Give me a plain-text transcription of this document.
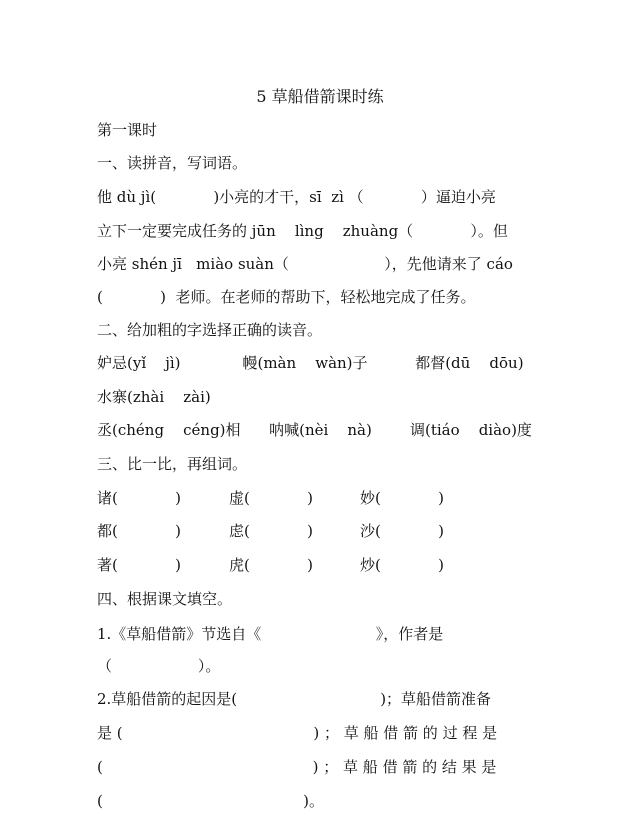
5 草船借箭课时练
第一课时
一、读拼音，写词语。
他 dù jì(            )小亮的才干，sī  zì （            ）逼迫小亮
立下一定要完成任务的 jūn    lìng    zhuàng（            ）。但
小亮 shén jī   miào suàn（                    ），先他请来了 cáo
(            )  老师。在老师的帮助下，轻松地完成了任务。
二、给加粗的字选择正确的读音。
妒忌(yǐ    jì)             幔(màn    wàn)子          都督(dū    dōu)
水寨(zhài    zài)
丞(chéng    céng)相      呐喊(nèi    nà)        调(tiáo    diào)度
三、比一比，再组词。
诸(            )	虚(            )	妙(            )
都(            )	虑(            )	沙(            )
著(            )	虎(            )	炒(            )
四、根据课文填空。
1.《草船借箭》节选自《                        》，作者是
（                  ）。
2.草船借箭的起因是(                              )；草船借箭准备
是 (                                        ) ； 草 船 借 箭 的 过 程 是
(                                            ) ； 草 船 借 箭 的 结 果 是
(                                          )。
